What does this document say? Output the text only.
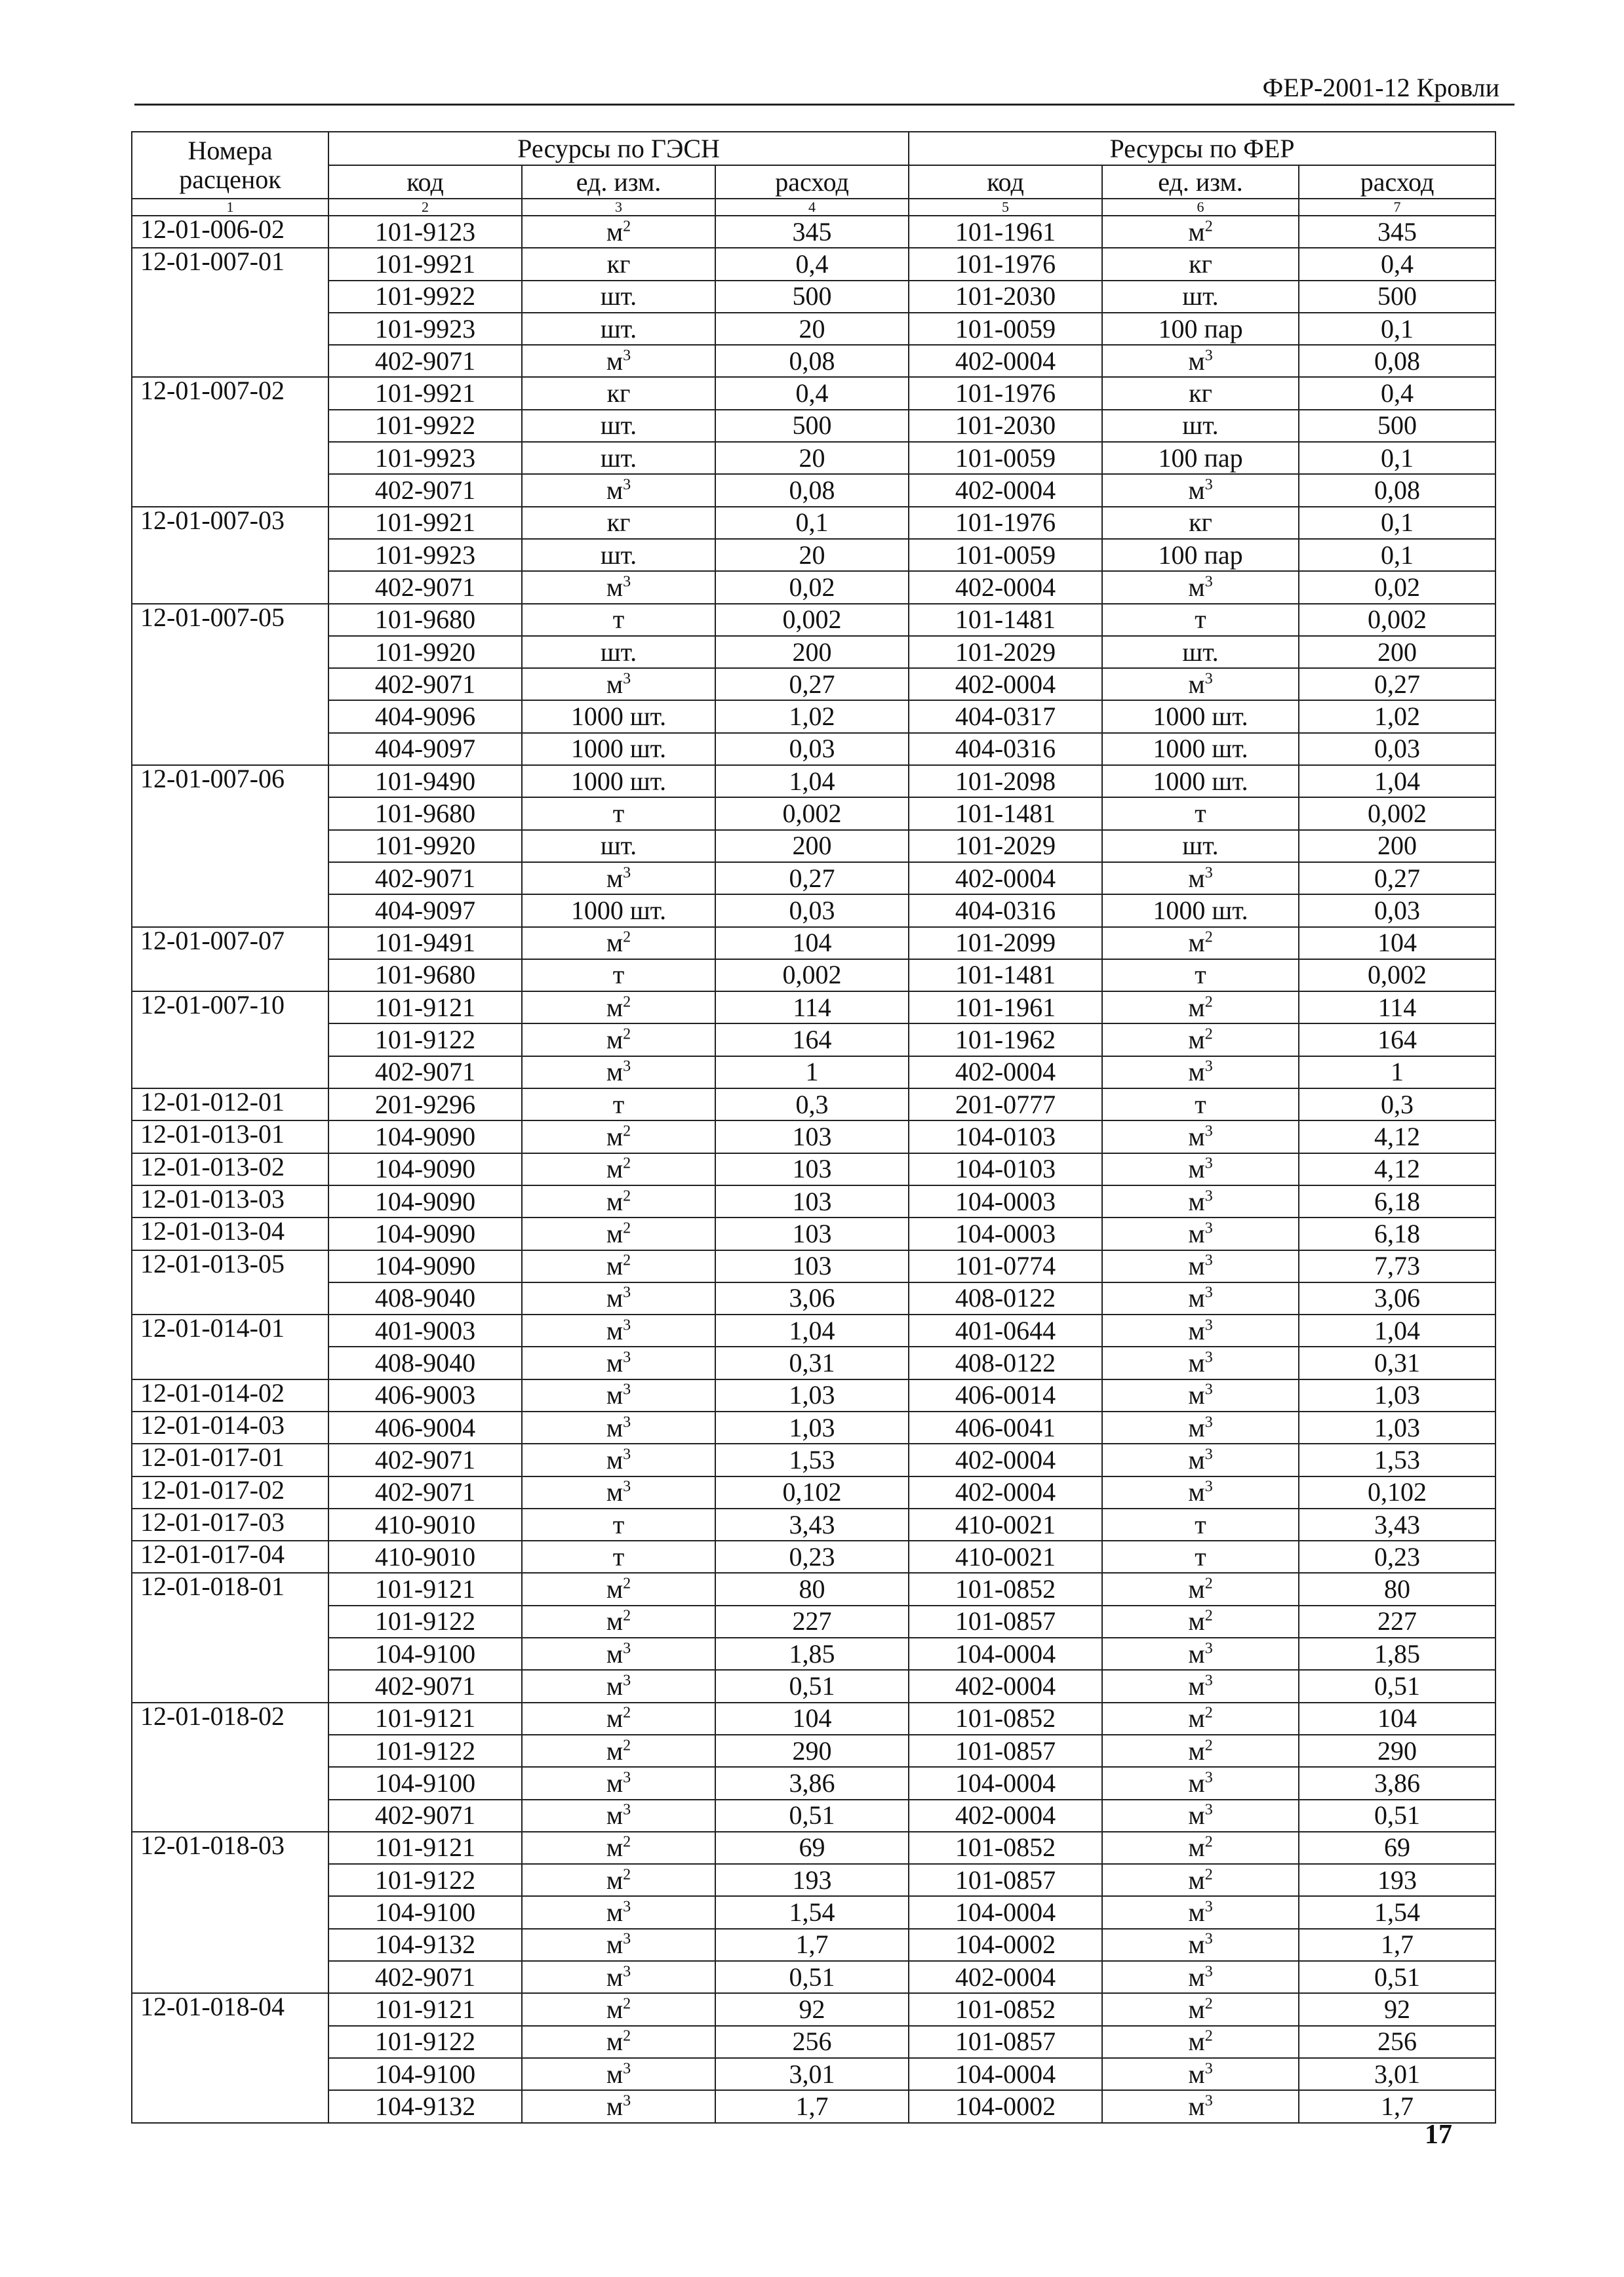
ФЕР-2001-12 Кровли
Номера расценок	Ресурсы по ГЭСН			Ресурсы по ФЕР		
	код	ед. изм.	расход	код	ед. изм.	расход
1	2	3	4	5	6	7
12-01-006-02	101-9123	$м^2$	345	101-1961	$м^2$	345
12-01-007-01	101-9921	кг	0,4	101-1976	кг	0,4
	101-9922	шт.	500	101-2030	шт.	500
	101-9923	шт.	20	101-0059	100 пар	0,1
	402-9071	$м^3$	0,08	402-0004	$м^3$	0,08
12-01-007-02	101-9921	кг	0,4	101-1976	кг	0,4
	101-9922	шт.	500	101-2030	шт.	500
	101-9923	шт.	20	101-0059	100 пар	0,1
	402-9071	$м^3$	0,08	402-0004	$м^3$	0,08
12-01-007-03	101-9921	кг	0,1	101-1976	кг	0,1
	101-9923	шт.	20	101-0059	100 пар	0,1
	402-9071	$м^3$	0,02	402-0004	$м^3$	0,02
12-01-007-05	101-9680	т	0,002	101-1481	т	0,002
	101-9920	шт.	200	101-2029	шт.	200
	402-9071	$м^3$	0,27	402-0004	$м^3$	0,27
	404-9096	1000 шт.	1,02	404-0317	1000 шт.	1,02
	404-9097	1000 шт.	0,03	404-0316	1000 шт.	0,03
12-01-007-06	101-9490	1000 шт.	1,04	101-2098	1000 шт.	1,04
	101-9680	т	0,002	101-1481	т	0,002
	101-9920	шт.	200	101-2029	шт.	200
	402-9071	$м^3$	0,27	402-0004	$м^3$	0,27
	404-9097	1000 шт.	0,03	404-0316	1000 шт.	0,03
12-01-007-07	101-9491	$м^2$	104	101-2099	$м^2$	104
	101-9680	т	0,002	101-1481	т	0,002
12-01-007-10	101-9121	$м^2$	114	101-1961	$м^2$	114
	101-9122	$м^2$	164	101-1962	$м^2$	164
	402-9071	$м^3$	1	402-0004	$м^3$	1
12-01-012-01	201-9296	т	0,3	201-0777	т	0,3
12-01-013-01	104-9090	$м^2$	103	104-0103	$м^3$	4,12
12-01-013-02	104-9090	$м^2$	103	104-0103	$м^3$	4,12
12-01-013-03	104-9090	$м^2$	103	104-0003	$м^3$	6,18
12-01-013-04	104-9090	$м^2$	103	104-0003	$м^3$	6,18
12-01-013-05	104-9090	$м^2$	103	101-0774	$м^3$	7,73
	408-9040	$м^3$	3,06	408-0122	$м^3$	3,06
12-01-014-01	401-9003	$м^3$	1,04	401-0644	$м^3$	1,04
	408-9040	$м^3$	0,31	408-0122	$м^3$	0,31
12-01-014-02	406-9003	$м^3$	1,03	406-0014	$м^3$	1,03
12-01-014-03	406-9004	$м^3$	1,03	406-0041	$м^3$	1,03
12-01-017-01	402-9071	$м^3$	1,53	402-0004	$м^3$	1,53
12-01-017-02	402-9071	$м^3$	0,102	402-0004	$м^3$	0,102
12-01-017-03	410-9010	т	3,43	410-0021	т	3,43
12-01-017-04	410-9010	т	0,23	410-0021	т	0,23
12-01-018-01	101-9121	$м^2$	80	101-0852	$м^2$	80
	101-9122	$м^2$	227	101-0857	$м^2$	227
	104-9100	$м^3$	1,85	104-0004	$м^3$	1,85
	402-9071	$м^3$	0,51	402-0004	$м^3$	0,51
12-01-018-02	101-9121	$м^2$	104	101-0852	$м^2$	104
	101-9122	$м^2$	290	101-0857	$м^2$	290
	104-9100	$м^3$	3,86	104-0004	$м^3$	3,86
	402-9071	$м^3$	0,51	402-0004	$м^3$	0,51
12-01-018-03	101-9121	$м^2$	69	101-0852	$м^2$	69
	101-9122	$м^2$	193	101-0857	$м^2$	193
	104-9100	$м^3$	1,54	104-0004	$м^3$	1,54
	104-9132	$м^3$	1,7	104-0002	$м^3$	1,7
	402-9071	$м^3$	0,51	402-0004	$м^3$	0,51
12-01-018-04	101-9121	$м^2$	92	101-0852	$м^2$	92
	101-9122	$м^2$	256	101-0857	$м^2$	256
	104-9100	$м^3$	3,01	104-0004	$м^3$	3,01
	104-9132	$м^3$	1,7	104-0002	$м^3$	1,7
17
